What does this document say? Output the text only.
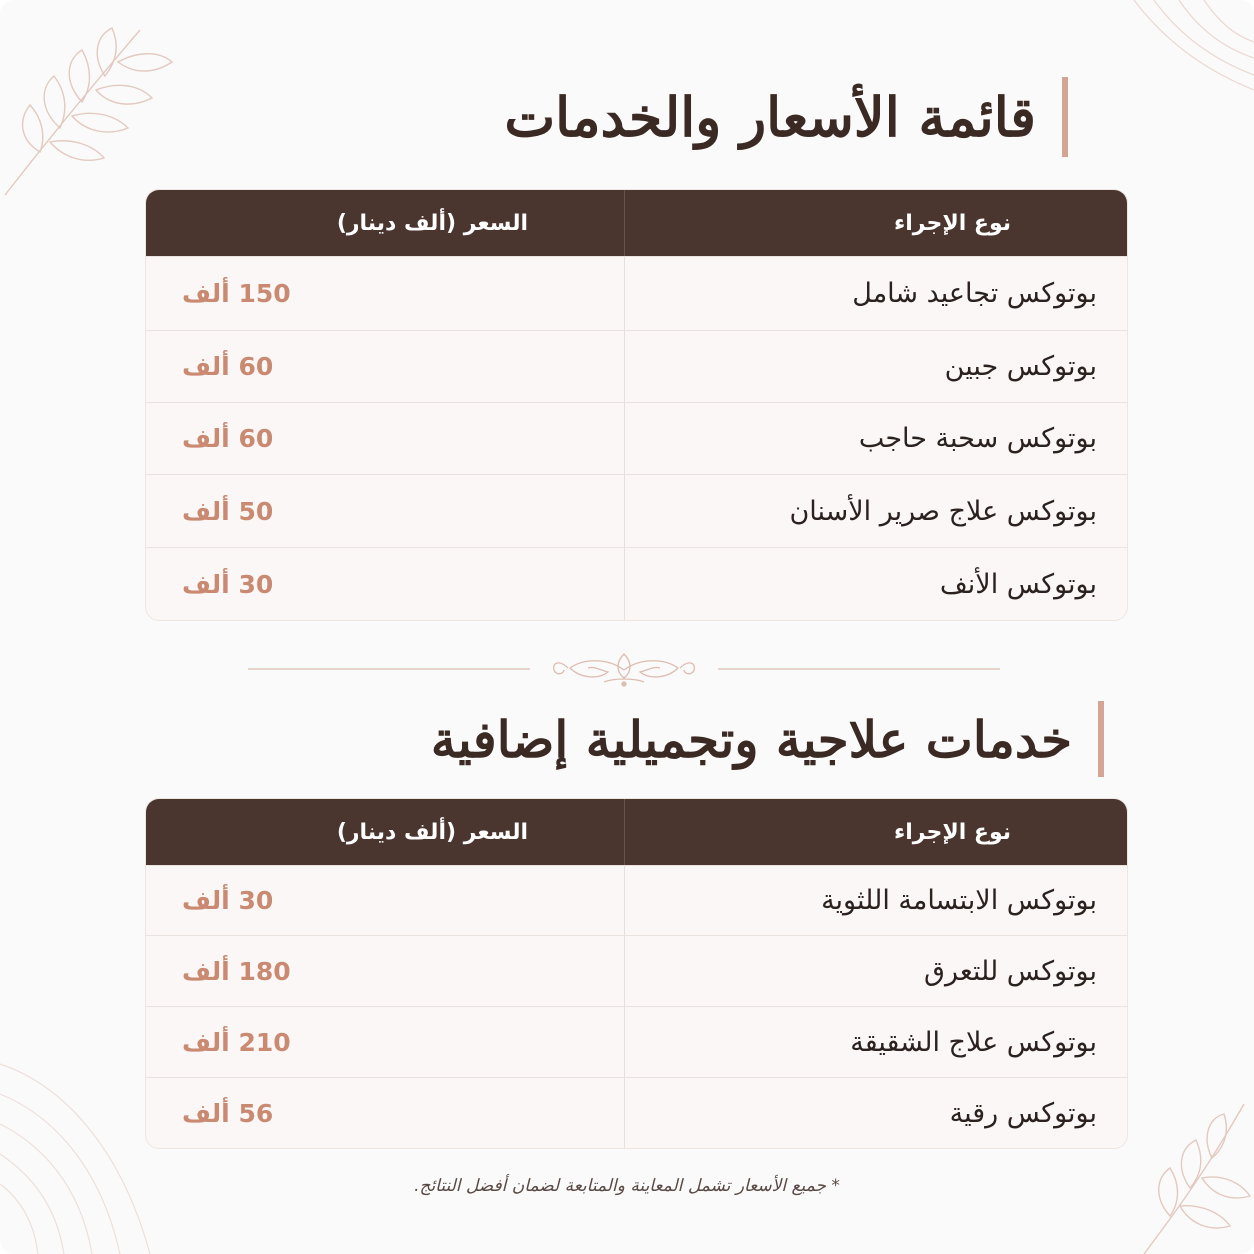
قائمة الأسعار والخدمات
السعر (ألف دينار)	نوع الإجراء
150 ألف	بوتوكس تجاعيد شامل
60 ألف	بوتوكس جبين
60 ألف	بوتوكس سحبة حاجب
50 ألف	بوتوكس علاج صرير الأسنان
30 ألف	بوتوكس الأنف
خدمات علاجية وتجميلية إضافية
السعر (ألف دينار)	نوع الإجراء
30 ألف	بوتوكس الابتسامة اللثوية
180 ألف	بوتوكس للتعرق
210 ألف	بوتوكس علاج الشقيقة
56 ألف	بوتوكس رقية
* جميع الأسعار تشمل المعاينة والمتابعة لضمان أفضل النتائج.
